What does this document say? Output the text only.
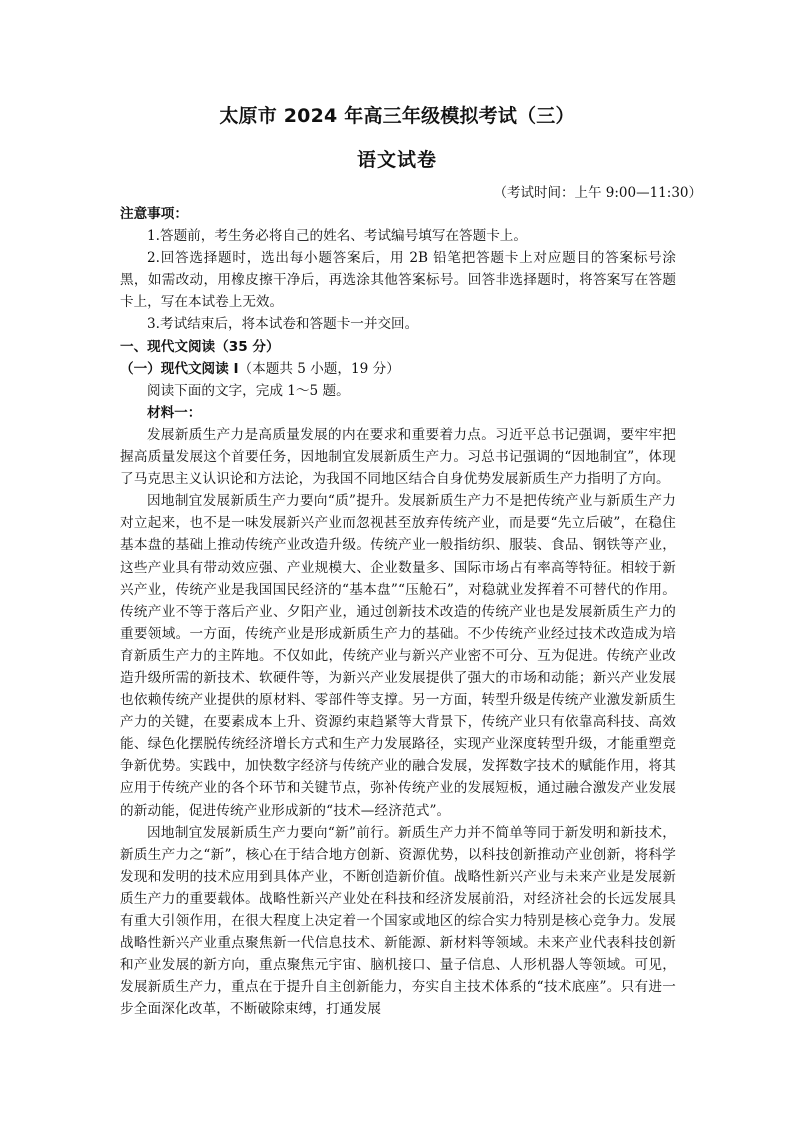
太原市 2024 年高三年级模拟考试（三）
语文试卷
（考试时间：上午 9:00—11:30）

注意事项：

1.答题前，考生务必将自己的姓名、考试编号填写在答题卡上。

2.回答选择题时，选出每小题答案后，用 2B 铅笔把答题卡上对应题目的答案标号涂黑，如需改动，用橡皮擦干净后，再选涂其他答案标号。回答非选择题时，将答案写在答题卡上，写在本试卷上无效。

3.考试结束后，将本试卷和答题卡一并交回。

一、现代文阅读（35 分）

（一）现代文阅读 I（本题共 5 小题，19 分）

阅读下面的文字，完成 1～5 题。

材料一：

发展新质生产力是高质量发展的内在要求和重要着力点。习近平总书记强调，要牢牢把握高质量发展这个首要任务，因地制宜发展新质生产力。习总书记强调的“因地制宜”，体现了马克思主义认识论和方法论，为我国不同地区结合自身优势发展新质生产力指明了方向。

因地制宜发展新质生产力要向“质”提升。发展新质生产力不是把传统产业与新质生产力对立起来，也不是一味发展新兴产业而忽视甚至放弃传统产业，而是要“先立后破”，在稳住基本盘的基础上推动传统产业改造升级。传统产业一般指纺织、服装、食品、钢铁等产业，这些产业具有带动效应强、产业规模大、企业数量多、国际市场占有率高等特征。相较于新兴产业，传统产业是我国国民经济的“基本盘”“压舱石”，对稳就业发挥着不可替代的作用。传统产业不等于落后产业、夕阳产业，通过创新技术改造的传统产业也是发展新质生产力的重要领域。一方面，传统产业是形成新质生产力的基础。不少传统产业经过技术改造成为培育新质生产力的主阵地。不仅如此，传统产业与新兴产业密不可分、互为促进。传统产业改造升级所需的新技术、软硬件等，为新兴产业发展提供了强大的市场和动能；新兴产业发展也依赖传统产业提供的原材料、零部件等支撑。另一方面，转型升级是传统产业激发新质生产力的关键，在要素成本上升、资源约束趋紧等大背景下，传统产业只有依靠高科技、高效能、绿色化摆脱传统经济增长方式和生产力发展路径，实现产业深度转型升级，才能重塑竞争新优势。实践中，加快数字经济与传统产业的融合发展，发挥数字技术的赋能作用，将其应用于传统产业的各个环节和关键节点，弥补传统产业的发展短板，通过融合激发产业发展的新动能，促进传统产业形成新的“技术—经济范式”。

因地制宜发展新质生产力要向“新”前行。新质生产力并不简单等同于新发明和新技术，新质生产力之“新”，核心在于结合地方创新、资源优势，以科技创新推动产业创新，将科学发现和发明的技术应用到具体产业，不断创造新价值。战略性新兴产业与未来产业是发展新质生产力的重要载体。战略性新兴产业处在科技和经济发展前沿，对经济社会的长远发展具有重大引领作用，在很大程度上决定着一个国家或地区的综合实力特别是核心竞争力。发展战略性新兴产业重点聚焦新一代信息技术、新能源、新材料等领域。未来产业代表科技创新和产业发展的新方向，重点聚焦元宇宙、脑机接口、量子信息、人形机器人等领域。可见，发展新质生产力，重点在于提升自主创新能力，夯实自主技术体系的“技术底座”。只有进一步全面深化改革，不断破除束缚，打通发展
